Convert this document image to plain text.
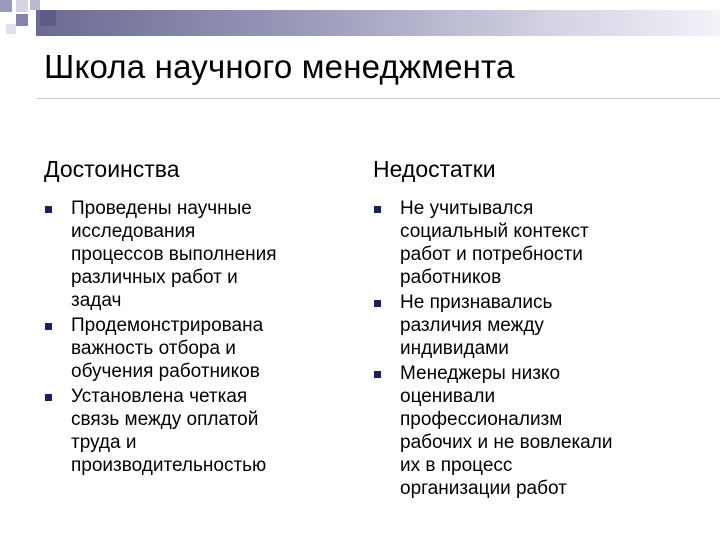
Школа научного менеджмента
Достоинства
Проведены научные
исследования
процессов выполнения
различных работ и
задач
Продемонстрирована
важность отбора и
обучения работников
Установлена четкая
связь между оплатой
труда и
производительностью
Недостатки
Не учитывался
социальный контекст
работ и потребности
работников
Не признавались
различия между
индивидами
Менеджеры низко
оценивали
профессионализм
рабочих и не вовлекали
их в процесс
организации работ
